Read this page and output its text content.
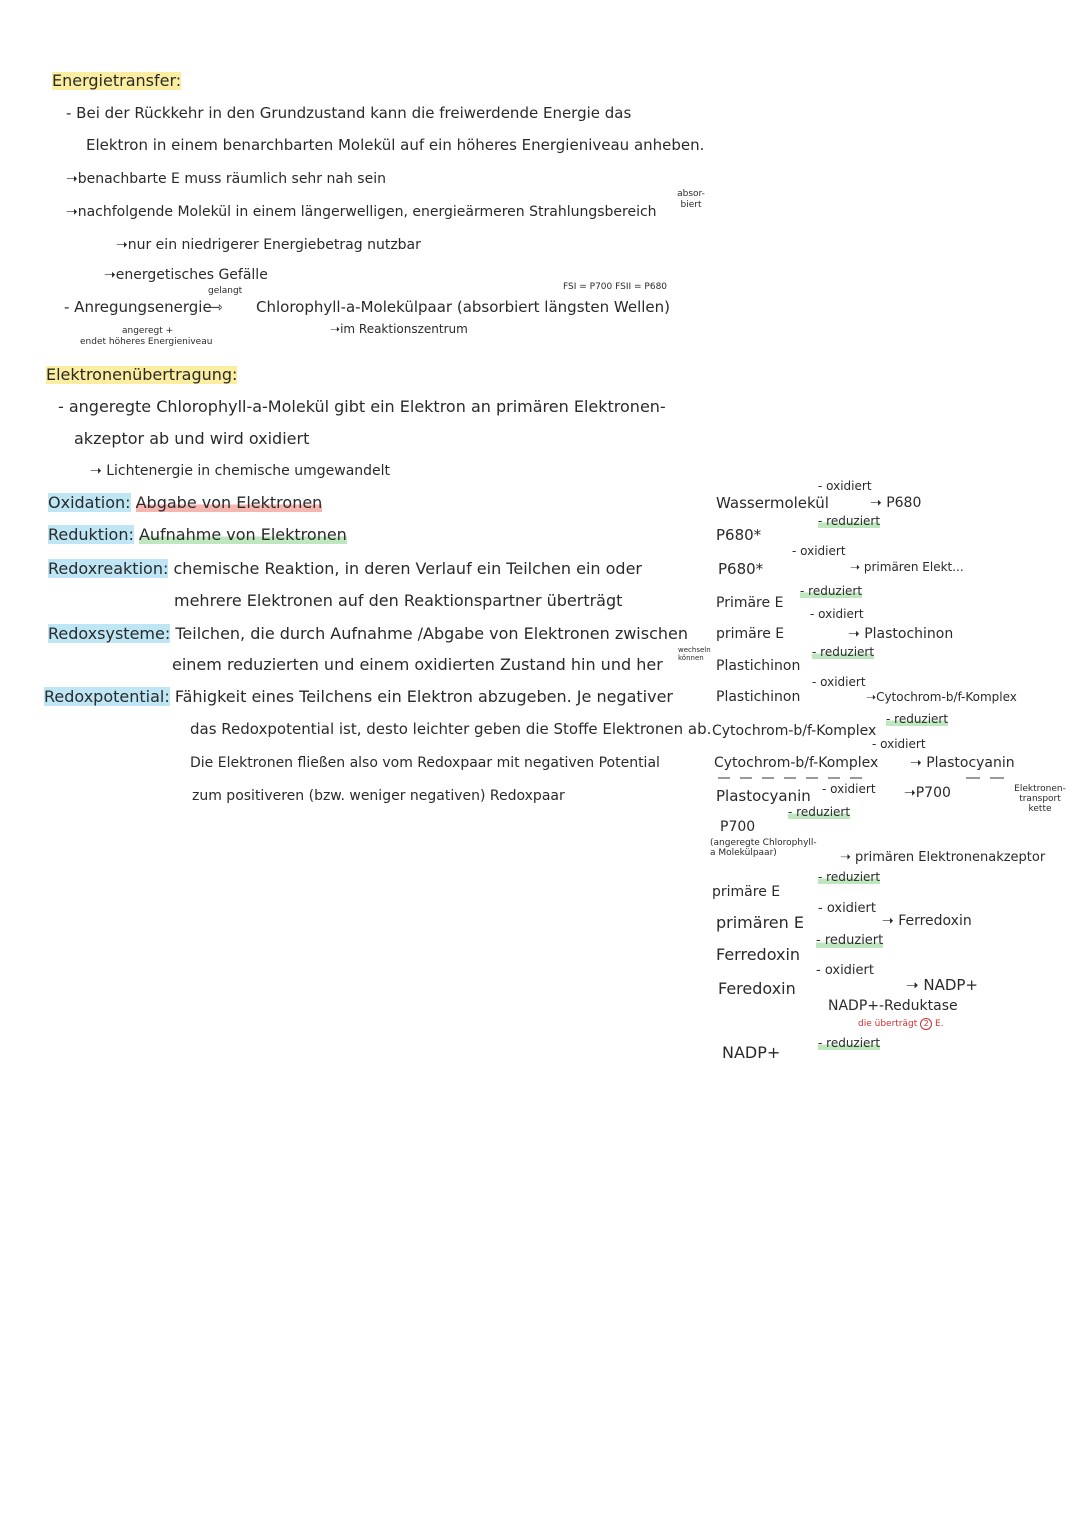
Energietransfer:
- Bei der Rückkehr in den Grundzustand kann die freiwerdende Energie das
Elektron in einem benarchbarten Molekül auf ein höheres Energieniveau anheben.
➝benachbarte E muss räumlich sehr nah sein
➝nachfolgende Molekül in einem längerwelligen, energieärmeren Strahlungsbereich
absor- biert
➝nur ein niedrigerer Energiebetrag nutzbar
➝energetisches Gefälle
FSI = P700 FSII = P680
gelangt
- Anregungsenergie
⇾ Chlorophyll-a-Molekülpaar (absorbiert längsten Wellen)
➝im Reaktionszentrum
angeregt +
endet höheres Energieniveau
Elektronenübertragung:
- angeregte Chlorophyll-a-Molekül gibt ein Elektron an primären Elektronen-
akzeptor ab und wird oxidiert
➝ Lichtenergie in chemische umgewandelt
Oxidation: Abgabe von Elektronen
Reduktion: Aufnahme von Elektronen
Redoxreaktion: chemische Reaktion, in deren Verlauf ein Teilchen ein oder
mehrere Elektronen auf den Reaktionspartner überträgt
Redoxsysteme: Teilchen, die durch Aufnahme /Abgabe von Elektronen zwischen
wechseln können
einem reduzierten und einem oxidierten Zustand hin und her
Redoxpotential: Fähigkeit eines Teilchens ein Elektron abzugeben. Je negativer
das Redoxpotential ist, desto leichter geben die Stoffe Elektronen ab.
Die Elektronen fließen also vom Redoxpaar mit negativen Potential
zum positiveren (bzw. weniger negativen) Redoxpaar
Wassermolekül
- oxidiert
➝ P680
- reduziert
P680*
- oxidiert
P680*	➝ primären Elekt...
- reduziert
Primäre E
- oxidiert
primäre E	➝ Plastochinon
- reduziert
Plastichinon
- oxidiert
Plastichinon	➝Cytochrom-b/f-Komplex
- reduziert
Cytochrom-b/f-Komplex
- oxidiert
Cytochrom-b/f-Komplex ➝ Plastocyanin
Plastocyanin - oxidiert ➝P700	Elektronen- transport kette
- reduziert
P700
(angeregte Chlorophyll-a Molekülpaar)	➝ primären Elektronenakzeptor
- reduziert
primäre E
- oxidiert
primären E	➝ Ferredoxin
- reduziert
Ferredoxin
- oxidiert
Feredoxin	➝ NADP+
NADP+-Reduktase
die überträgt 2 E.
NADP+	- reduziert
